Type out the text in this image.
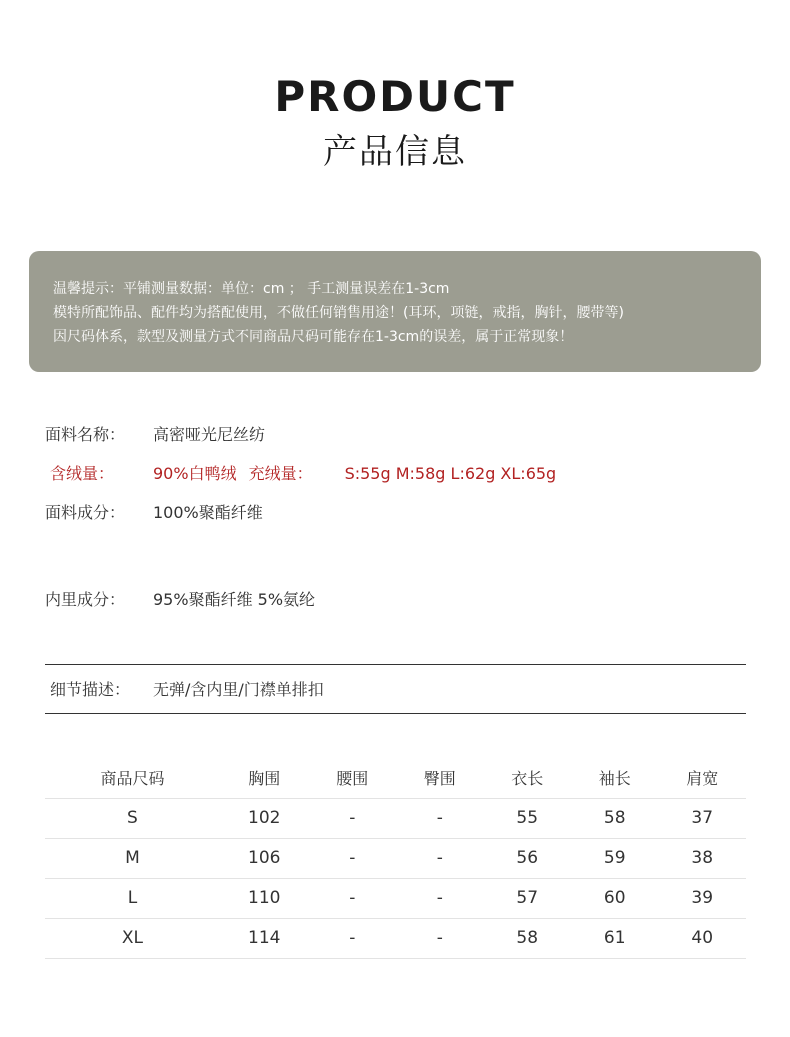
PRODUCT
产品信息
温馨提示：平铺测量数据：单位：cm ； 手工测量误差在1-3cm
模特所配饰品、配件均为搭配使用，不做任何销售用途！(耳环，项链，戒指，胸针，腰带等)
因尺码体系，款型及测量方式不同商品尺码可能存在1-3cm的误差，属于正常现象！
面料名称： 高密哑光尼丝纺
含绒量： 90%白鸭绒 充绒量： S:55g M:58g L:62g XL:65g
面料成分： 100%聚酯纤维
内里成分： 95%聚酯纤维 5%氨纶
细节描述： 无弹/含内里/门襟单排扣
商品尺码	胸围	腰围	臀围	衣长	袖长	肩宽
S	102	-	-	55	58	37
M	106	-	-	56	59	38
L	110	-	-	57	60	39
XL	114	-	-	58	61	40
